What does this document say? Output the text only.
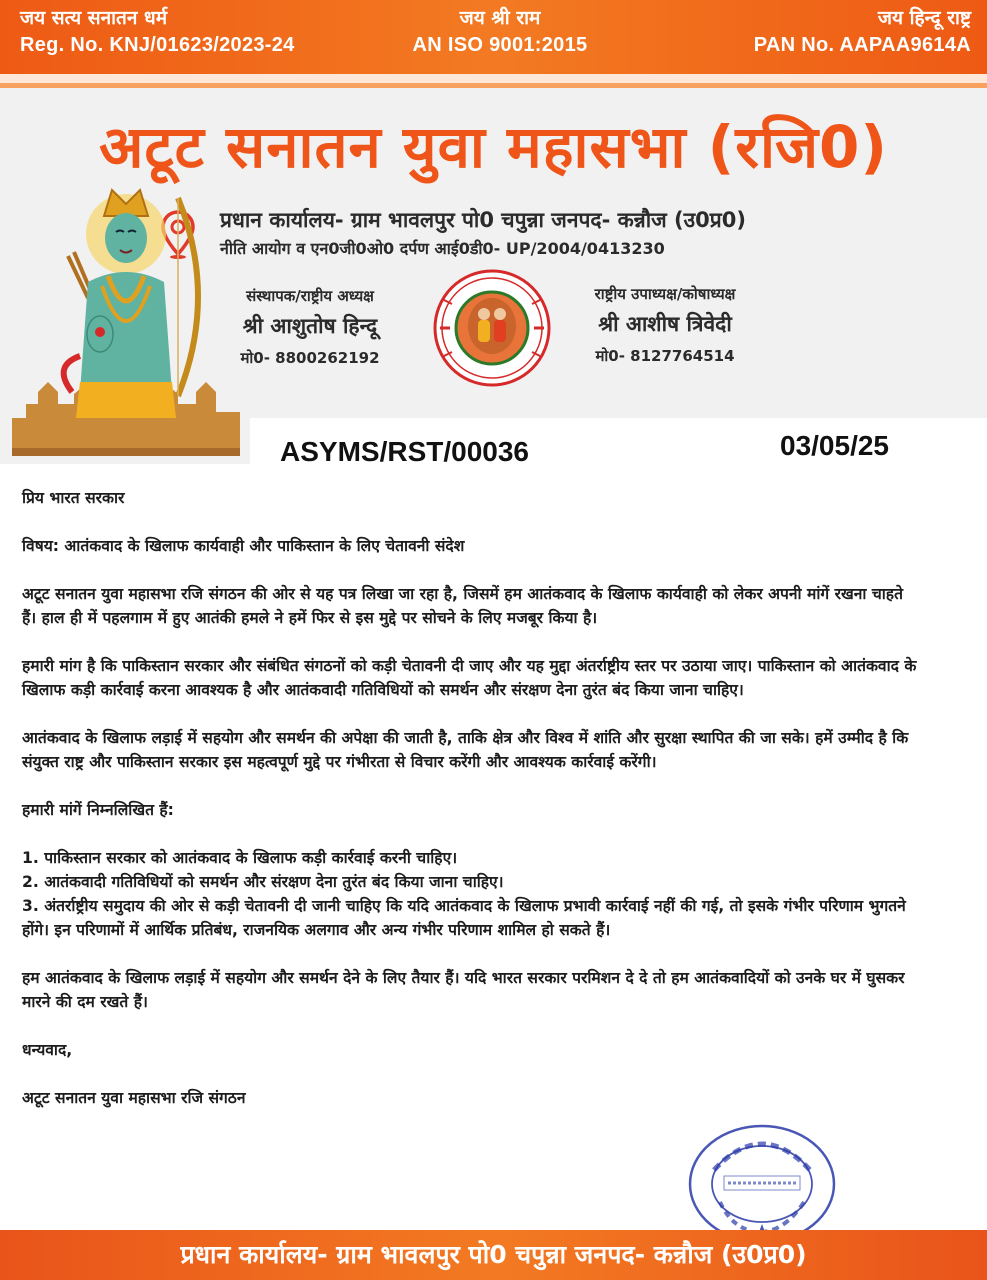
जय सत्य सनातन धर्म
Reg. No. KNJ/01623/2023-24
जय श्री राम
AN ISO 9001:2015
जय हिन्दू राष्ट्र
PAN No. AAPAA9614A
अटूट सनातन युवा महासभा (रजि0)
प्रधान कार्यालय- ग्राम भावलपुर पो0 चपुन्ना जनपद- कन्नौज (उ0प्र0)
नीति आयोग व एन0जी0ओ0 दर्पण आई0डी0- UP/2004/0413230
संस्थापक/राष्ट्रीय अध्यक्ष
श्री आशुतोष हिन्दू
मो0- 8800262192
राष्ट्रीय उपाध्यक्ष/कोषाध्यक्ष
श्री आशीष त्रिवेदी
मो0- 8127764514
ASYMS/RST/00036	03/05/25

प्रिय भारत सरकार

विषय: आतंकवाद के खिलाफ कार्यवाही और पाकिस्तान के लिए चेतावनी संदेश

अटूट सनातन युवा महासभा रजि संगठन की ओर से यह पत्र लिखा जा रहा है, जिसमें हम आतंकवाद के खिलाफ कार्यवाही को लेकर अपनी मांगें रखना चाहते हैं। हाल ही में पहलगाम में हुए आतंकी हमले ने हमें फिर से इस मुद्दे पर सोचने के लिए मजबूर किया है।

हमारी मांग है कि पाकिस्तान सरकार और संबंधित संगठनों को कड़ी चेतावनी दी जाए और यह मुद्दा अंतर्राष्ट्रीय स्तर पर उठाया जाए। पाकिस्तान को आतंकवाद के खिलाफ कड़ी कार्रवाई करना आवश्यक है और आतंकवादी गतिविधियों को समर्थन और संरक्षण देना तुरंत बंद किया जाना चाहिए।

आतंकवाद के खिलाफ लड़ाई में सहयोग और समर्थन की अपेक्षा की जाती है, ताकि क्षेत्र और विश्व में शांति और सुरक्षा स्थापित की जा सके। हमें उम्मीद है कि संयुक्त राष्ट्र और पाकिस्तान सरकार इस महत्वपूर्ण मुद्दे पर गंभीरता से विचार करेंगी और आवश्यक कार्रवाई करेंगी।

हमारी मांगें निम्नलिखित हैं:

1. पाकिस्तान सरकार को आतंकवाद के खिलाफ कड़ी कार्रवाई करनी चाहिए।

2. आतंकवादी गतिविधियों को समर्थन और संरक्षण देना तुरंत बंद किया जाना चाहिए।

3. अंतर्राष्ट्रीय समुदाय की ओर से कड़ी चेतावनी दी जानी चाहिए कि यदि आतंकवाद के खिलाफ प्रभावी कार्रवाई नहीं की गई, तो इसके गंभीर परिणाम भुगतने होंगे। इन परिणामों में आर्थिक प्रतिबंध, राजनयिक अलगाव और अन्य गंभीर परिणाम शामिल हो सकते हैं।

हम आतंकवाद के खिलाफ लड़ाई में सहयोग और समर्थन देने के लिए तैयार हैं। यदि भारत सरकार परमिशन दे दे तो हम आतंकवादियों को उनके घर में घुसकर मारने की दम रखते हैं।

धन्यवाद,

अटूट सनातन युवा महासभा रजि संगठन

प्रधान कार्यालय- ग्राम भावलपुर पो0 चपुन्ना जनपद- कन्नौज (उ0प्र0)
